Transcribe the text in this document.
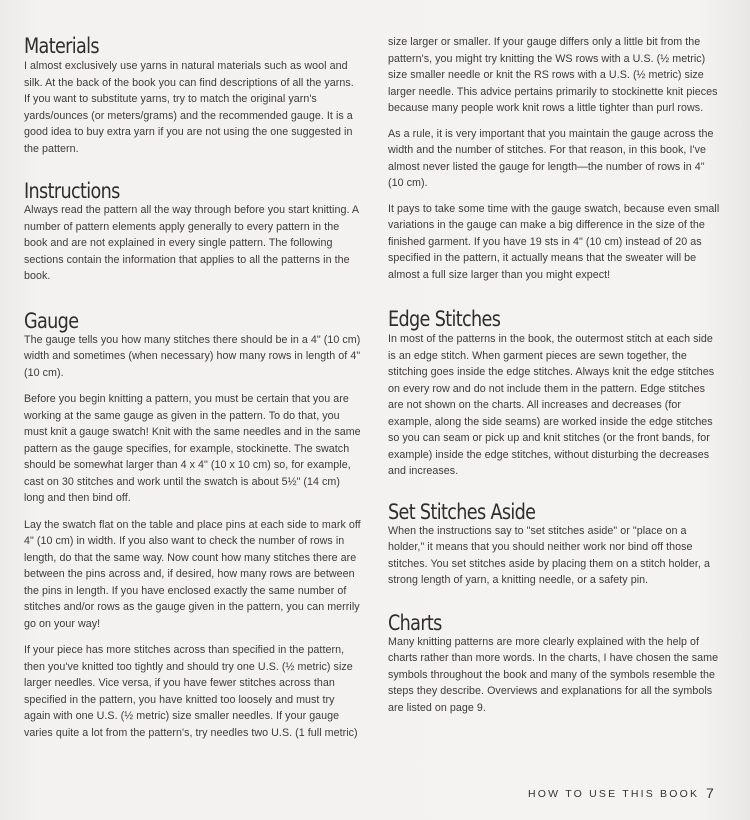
Materials

I almost exclusively use yarns in natural materials such as wool and silk. At the back of the book you can find descriptions of all the yarns. If you want to substitute yarns, try to match the original yarn's yards/ounces (or meters/grams) and the recommended gauge. It is a good idea to buy extra yarn if you are not using the one suggested in the pattern.

Instructions

Always read the pattern all the way through before you start knitting. A number of pattern elements apply generally to every pattern in the book and are not explained in every single pattern. The following sections contain the information that applies to all the patterns in the book.

Gauge

The gauge tells you how many stitches there should be in a 4" (10 cm) width and sometimes (when necessary) how many rows in length of 4" (10 cm).

Before you begin knitting a pattern, you must be certain that you are working at the same gauge as given in the pattern. To do that, you must knit a gauge swatch! Knit with the same needles and in the same pattern as the gauge specifies, for example, stockinette. The swatch should be somewhat larger than 4 x 4" (10 x 10 cm) so, for example, cast on 30 stitches and work until the swatch is about 5½" (14 cm) long and then bind off.

Lay the swatch flat on the table and place pins at each side to mark off 4" (10 cm) in width. If you also want to check the number of rows in length, do that the same way. Now count how many stitches there are between the pins across and, if desired, how many rows are between the pins in length. If you have enclosed exactly the same number of stitches and/or rows as the gauge given in the pattern, you can merrily go on your way!

If your piece has more stitches across than specified in the pattern, then you've knitted too tightly and should try one U.S. (½ metric) size larger needles. Vice versa, if you have fewer stitches across than specified in the pattern, you have knitted too loosely and must try again with one U.S. (½ metric) size smaller needles. If your gauge varies quite a lot from the pattern's, try needles two U.S. (1 full metric)

size larger or smaller. If your gauge differs only a little bit from the pattern's, you might try knitting the WS rows with a U.S. (½ metric) size smaller needle or knit the RS rows with a U.S. (½ metric) size larger needle. This advice pertains primarily to stockinette knit pieces because many people work knit rows a little tighter than purl rows.

As a rule, it is very important that you maintain the gauge across the width and the number of stitches. For that reason, in this book, I've almost never listed the gauge for length—the number of rows in 4" (10 cm).

It pays to take some time with the gauge swatch, because even small variations in the gauge can make a big difference in the size of the finished garment. If you have 19 sts in 4" (10 cm) instead of 20 as specified in the pattern, it actually means that the sweater will be almost a full size larger than you might expect!

Edge Stitches

In most of the patterns in the book, the outermost stitch at each side is an edge stitch. When garment pieces are sewn together, the stitching goes inside the edge stitches. Always knit the edge stitches on every row and do not include them in the pattern. Edge stitches are not shown on the charts. All increases and decreases (for example, along the side seams) are worked inside the edge stitches so you can seam or pick up and knit stitches (or the front bands, for example) inside the edge stitches, without disturbing the decreases and increases.

Set Stitches Aside

When the instructions say to "set stitches aside" or "place on a holder," it means that you should neither work nor bind off those stitches. You set stitches aside by placing them on a stitch holder, a strong length of yarn, a knitting needle, or a safety pin.

Charts

Many knitting patterns are more clearly explained with the help of charts rather than more words. In the charts, I have chosen the same symbols throughout the book and many of the symbols resemble the steps they describe. Overviews and explanations for all the symbols are listed on page 9.

HOW TO USE THIS BOOK 7
